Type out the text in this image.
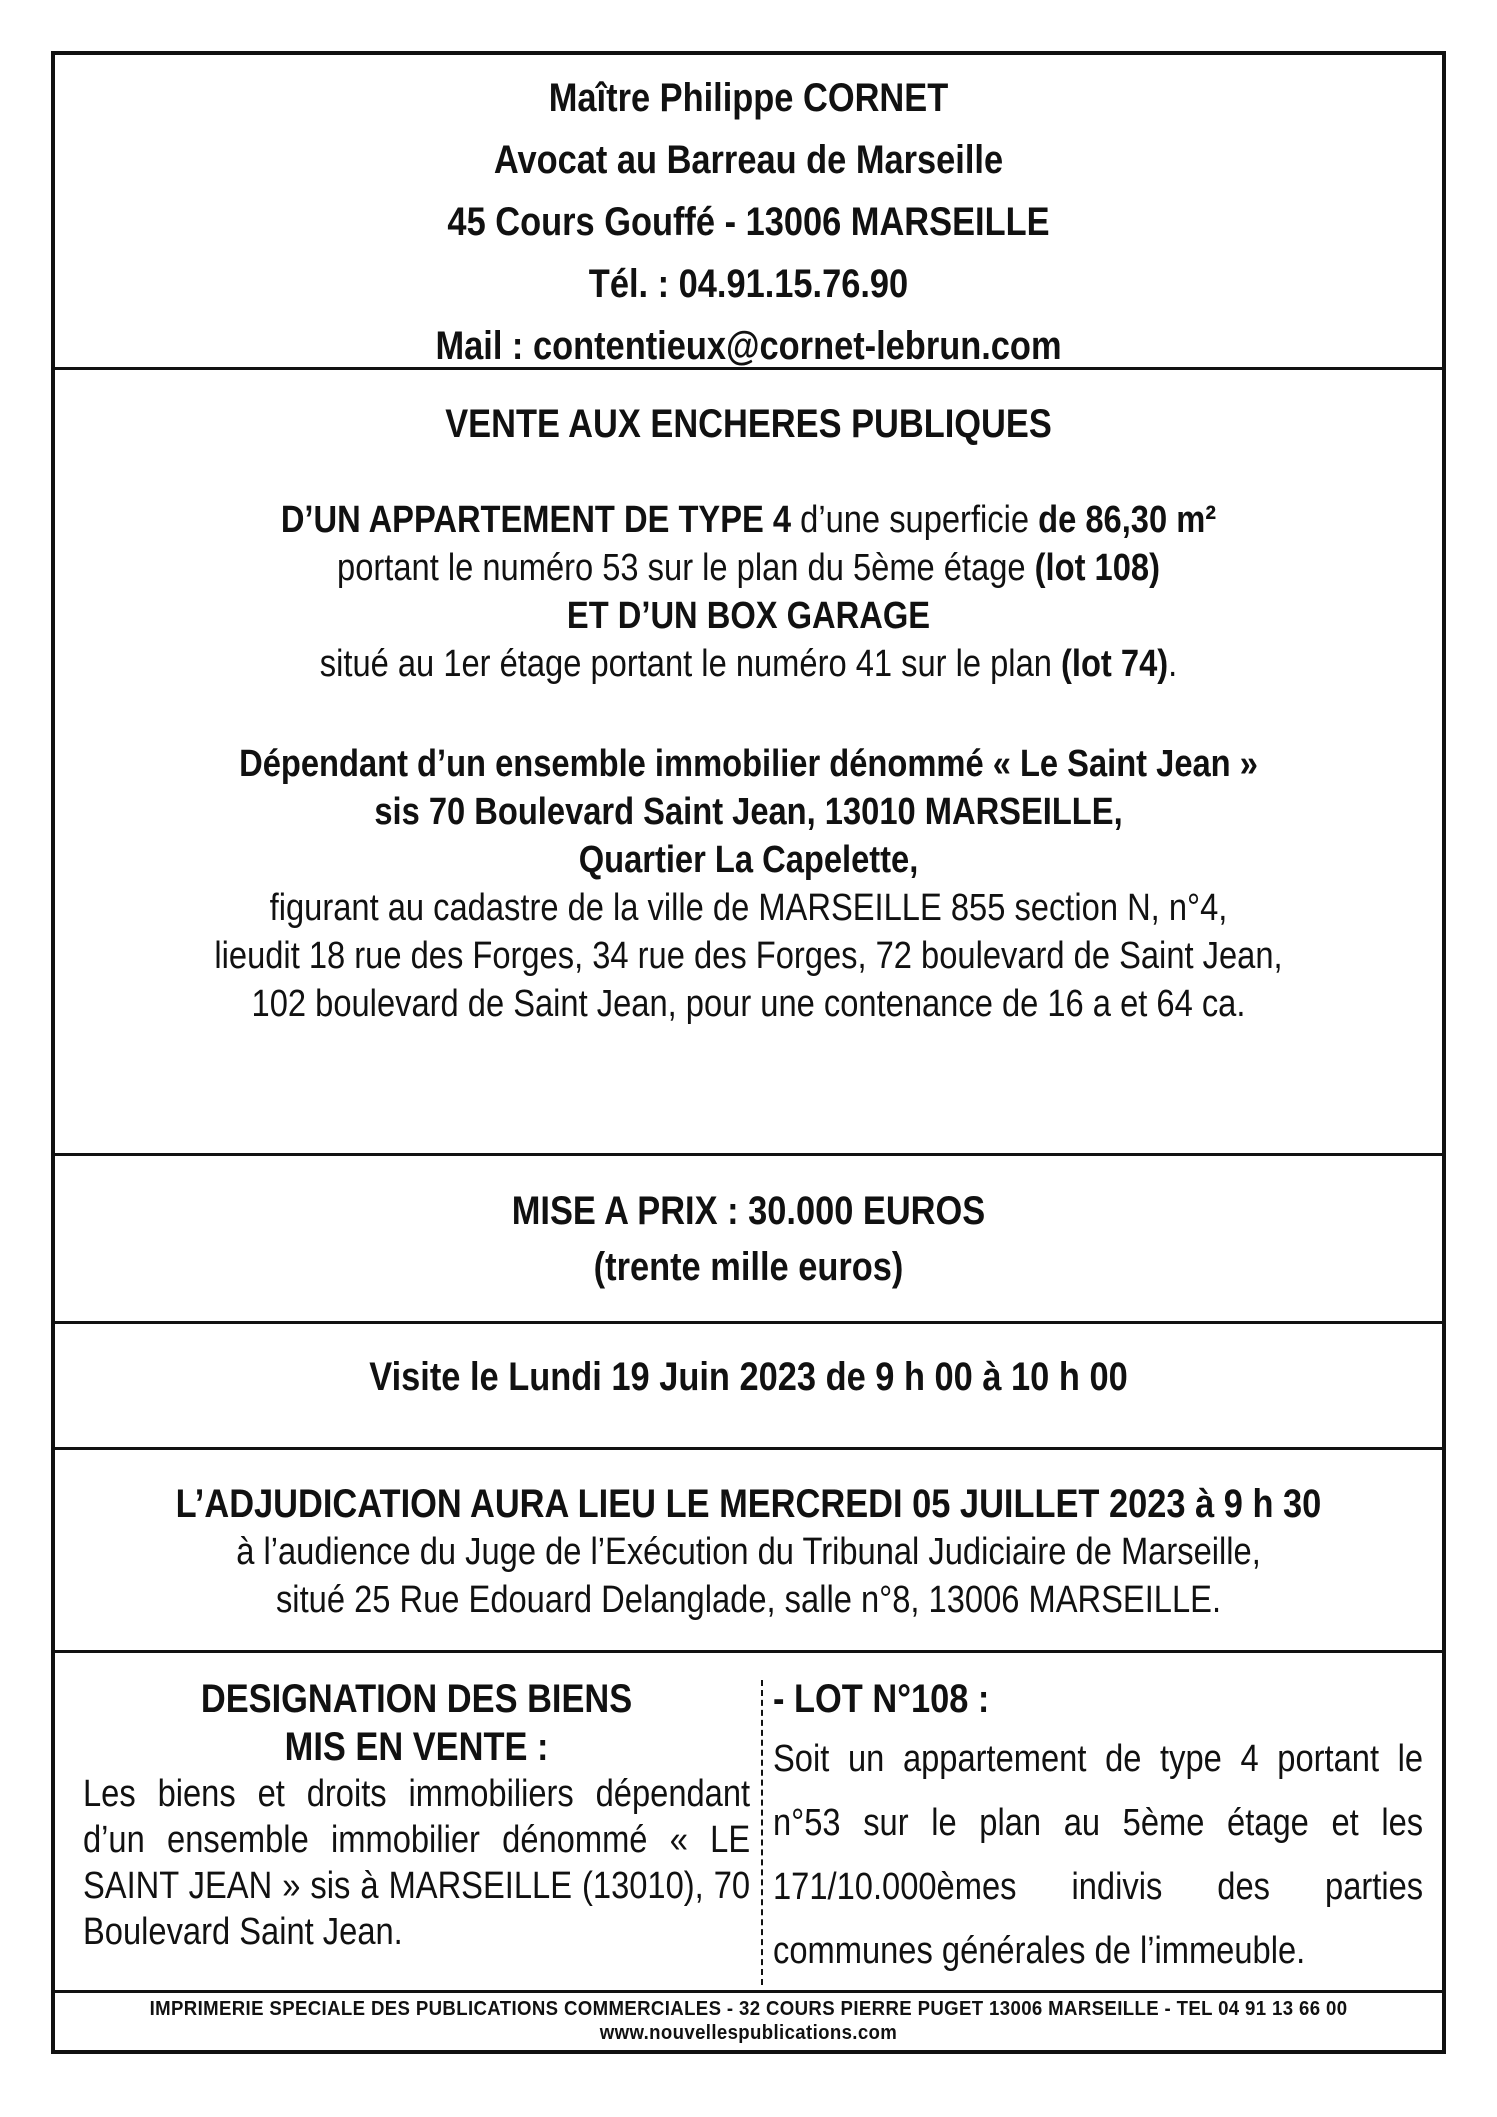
Maître Philippe CORNET
Avocat au Barreau de Marseille
45 Cours Gouffé - 13006 MARSEILLE
Tél. : 04.91.15.76.90
Mail : contentieux@cornet-lebrun.com
VENTE AUX ENCHERES PUBLIQUES
D’UN APPARTEMENT DE TYPE 4 d’une superficie de 86,30 m²
portant le numéro 53 sur le plan du 5ème étage (lot 108)
ET D’UN BOX GARAGE
situé au 1er étage portant le numéro 41 sur le plan (lot 74).
Dépendant d’un ensemble immobilier dénommé « Le Saint Jean »
sis 70 Boulevard Saint Jean, 13010 MARSEILLE,
Quartier La Capelette,
figurant au cadastre de la ville de MARSEILLE 855 section N, n°4,
lieudit 18 rue des Forges, 34 rue des Forges, 72 boulevard de Saint Jean,
102 boulevard de Saint Jean, pour une contenance de 16 a et 64 ca.
MISE A PRIX : 30.000 EUROS
(trente mille euros)
Visite le Lundi 19 Juin 2023 de 9 h 00 à 10 h 00
L’ADJUDICATION AURA LIEU LE MERCREDI 05 JUILLET 2023 à 9 h 30
à l’audience du Juge de l’Exécution du Tribunal Judiciaire de Marseille,
situé 25 Rue Edouard Delanglade, salle n°8, 13006 MARSEILLE.
DESIGNATION DES BIENS
MIS EN VENTE :
Les biens et droits immobiliers dépendant d’un ensemble immobilier dénommé « LE SAINT JEAN » sis à MARSEILLE (13010), 70 Boulevard Saint Jean.
- LOT N°108 :
Soit un appartement de type 4 portant le n°53 sur le plan au 5ème étage et les 171/10.000èmes indivis des parties communes générales de l’immeuble.
IMPRIMERIE SPECIALE DES PUBLICATIONS COMMERCIALES - 32 COURS PIERRE PUGET 13006 MARSEILLE - TEL 04 91 13 66 00
www.nouvellespublications.com
